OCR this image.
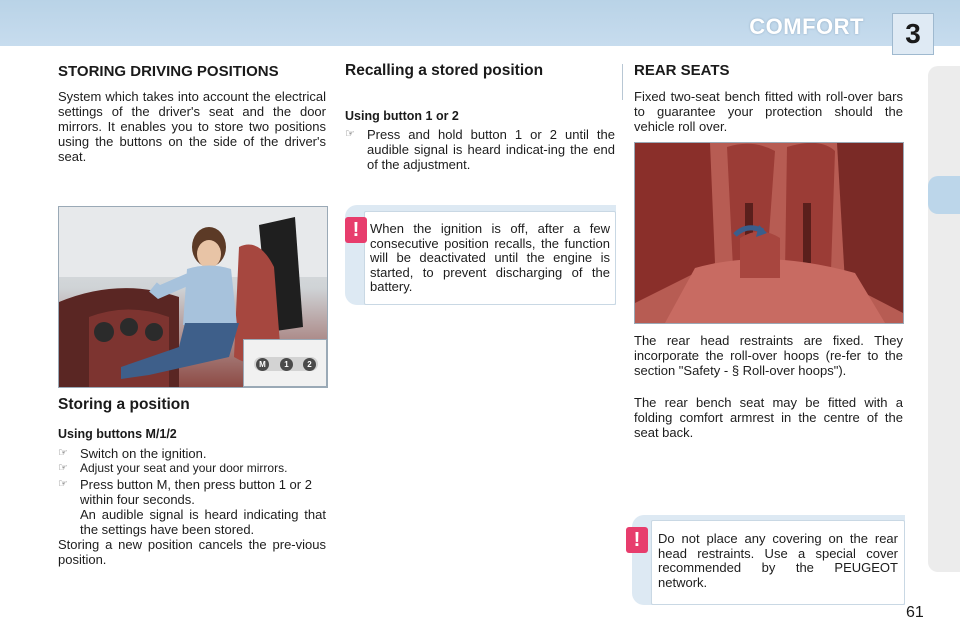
COMFORT	3
STORING DRIVING POSITIONS

System which takes into account the electrical settings of the driver's seat and the door mirrors. It enables you to store two positions using the buttons on the side of the driver's seat.

M	1	2
Storing a position
Using buttons M/1/2
☞ Switch on the ignition.
☞	Adjust your seat and your door mirrors.
☞ Press button M, then press button 1 or 2 within four seconds.

An audible signal is heard indicating that the settings have been stored.

Storing a new position cancels the pre-vious position.

Recalling a stored position
Using button 1 or 2
☞ Press and hold button 1 or 2 until the audible signal is heard indicat-ing the end of the adjustment.
! When the ignition is off, after a few consecutive position recalls, the function will be deactivated until the engine is started, to prevent discharging of the battery.

REAR SEATS

Fixed two-seat bench fitted with roll-over bars to guarantee your protection should the vehicle roll over.

The rear head restraints are fixed. They incorporate the roll-over hoops (re-fer to the section "Safety - § Roll-over hoops").

The rear bench seat may be fitted with a folding comfort armrest in the centre of the seat back.

!	Do not place any covering on the rear head restraints. Use a special cover recommended by the PEUGEOT network.

61
